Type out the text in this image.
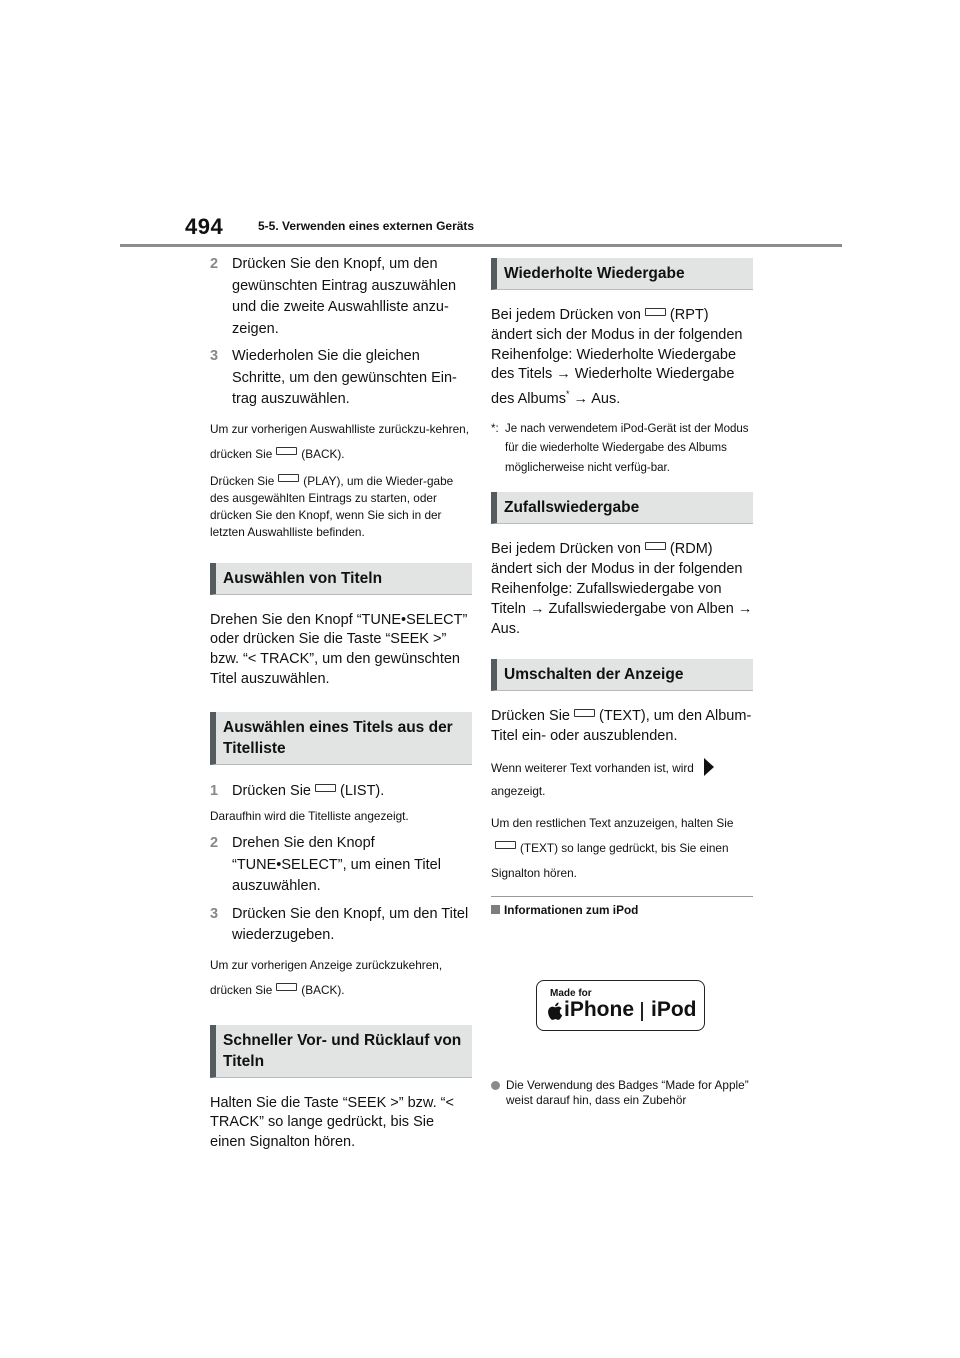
494	5-5. Verwenden eines externen Geräts
2 Drücken Sie den Knopf, um den gewünschten Eintrag auszuwählen und die zweite Auswahlliste anzu-zeigen.
3 Wiederholen Sie die gleichen Schritte, um den gewünschten Ein-trag auszuwählen.
Um zur vorherigen Auswahlliste zurückzu-kehren, drücken Sie (BACK).
Drücken Sie (PLAY), um die Wieder-gabe des ausgewählten Eintrags zu starten, oder drücken Sie den Knopf, wenn Sie sich in der letzten Auswahlliste befinden.
Auswählen von Titeln

Drehen Sie den Knopf “TUNE•SELECT” oder drücken Sie die Taste “SEEK >” bzw. “< TRACK”, um den gewünschten Titel auszuwählen.

Auswählen eines Titels aus der Titelliste
1 Drücken Sie (LIST).
Daraufhin wird die Titelliste angezeigt.
2 Drehen Sie den Knopf “TUNE•SELECT”, um einen Titel auszuwählen.
3 Drücken Sie den Knopf, um den Titel wiederzugeben.
Um zur vorherigen Anzeige zurückzukehren, drücken Sie (BACK).
Schneller Vor- und Rücklauf von Titeln

Halten Sie die Taste “SEEK >” bzw. “< TRACK” so lange gedrückt, bis Sie einen Signalton hören.

Wiederholte Wiedergabe

Bei jedem Drücken von (RPT) ändert sich der Modus in der folgenden Reihenfolge: Wiederholte Wiedergabe des Titels → Wiederholte Wiedergabe des Albums* → Aus.

*: Je nach verwendetem iPod-Gerät ist der Modus für die wiederholte Wiedergabe des Albums möglicherweise nicht verfüg-bar.
Zufallswiedergabe

Bei jedem Drücken von (RDM) ändert sich der Modus in der folgenden Reihenfolge: Zufallswiedergabe von Titeln → Zufallswiedergabe von Alben → Aus.

Umschalten der Anzeige

Drücken Sie (TEXT), um den Album-Titel ein- oder auszublenden.

Wenn weiterer Text vorhanden ist, wird
angezeigt.
Um den restlichen Text anzuzeigen, halten Sie(TEXT) so lange gedrückt, bis Sie einen Signalton hören.
Informationen zum iPod
Made for
iPhone iPod
Die Verwendung des Badges “Made for Apple” weist darauf hin, dass ein Zubehör
